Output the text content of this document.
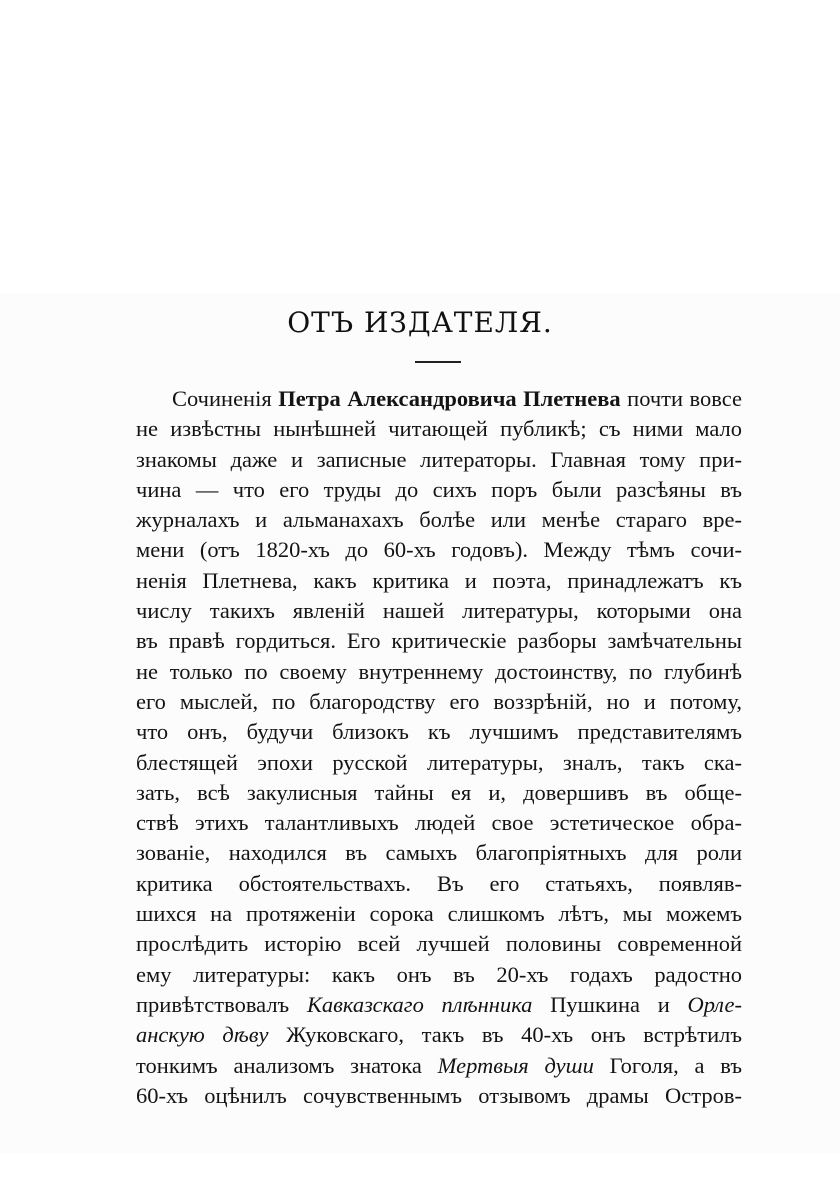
ОТЪ ИЗДАТЕЛЯ.
Сочиненія Петра Александровича Плетнева почти вовсе
не извѣстны нынѣшней читающей публикѣ; съ ними мало
знакомы даже и записные литераторы. Главная тому при-
чина — что его труды до сихъ поръ были разсѣяны въ
журналахъ и альманахахъ болѣе или менѣе стараго вре-
мени (отъ 1820-хъ до 60-хъ годовъ). Между тѣмъ сочи-
ненія Плетнева, какъ критика и поэта, принадлежатъ къ
числу такихъ явленій нашей литературы, которыми она
въ правѣ гордиться. Его критическіе разборы замѣчательны
не только по своему внутреннему достоинству, по глубинѣ
его мыслей, по благородству его воззрѣній, но и потому,
что онъ, будучи близокъ къ лучшимъ представителямъ
блестящей эпохи русской литературы, зналъ, такъ ска-
зать, всѣ закулисныя тайны ея и, довершивъ въ обще-
ствѣ этихъ талантливыхъ людей свое эстетическое обра-
зованіе, находился въ самыхъ благопріятныхъ для роли
критика обстоятельствахъ. Въ его статьяхъ, появляв-
шихся на протяженіи сорока слишкомъ лѣтъ, мы можемъ
прослѣдить исторію всей лучшей половины современной
ему литературы: какъ онъ въ 20-хъ годахъ радостно
привѣтствовалъ Кавказскаго плѣнника Пушкина и Орле-
анскую дѣву Жуковскаго, такъ въ 40-хъ онъ встрѣтилъ
тонкимъ анализомъ знатока Мертвыя души Гоголя, а въ
60-хъ оцѣнилъ сочувственнымъ отзывомъ драмы Остров-
